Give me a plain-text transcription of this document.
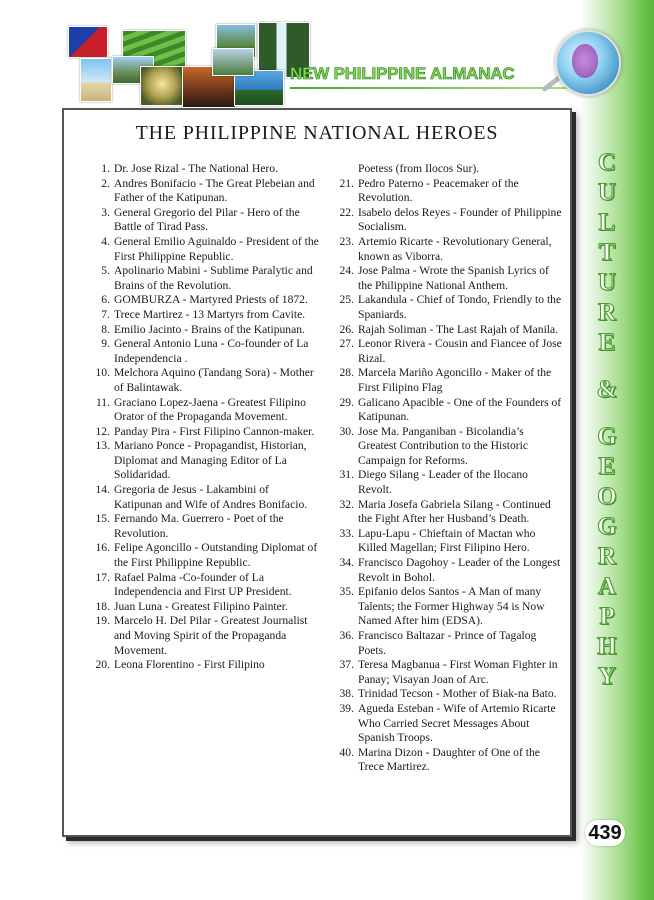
C
U
L
T
U
R
E
&
G
E
O
G
R
A
P
H
Y
NEW PHILIPPINE ALMANAC
THE PHILIPPINE NATIONAL HEROES
1. Dr. Jose Rizal - The National Hero.
2. Andres Bonifacio - The Great Plebeian and Father of the Katipunan.
3. General Gregorio del Pilar - Hero of the Battle of Tirad Pass.
4. General Emilio Aguinaldo - President of the First Philippine Republic.
5. Apolinario Mabini - Sublime Paralytic and Brains of the Revolution.
6. GOMBURZA - Martyred Priests of 1872.
7. Trece Martirez - 13 Martyrs from Cavite.
8. Emilio Jacinto - Brains of the Katipunan.
9. General Antonio Luna - Co-founder of La Independencia .
10. Melchora Aquino (Tandang Sora) - Mother of Balintawak.
11. Graciano Lopez-Jaena - Greatest Filipino Orator of the Propaganda Movement.
12. Panday Pira - First Filipino Cannon-maker.
13. Mariano Ponce - Propagandist, Historian, Diplomat and Managing Editor of La Solidaridad.
14. Gregoria de Jesus - Lakambini of Katipunan and Wife of Andres Bonifacio.
15. Fernando Ma. Guerrero - Poet of the Revolution.
16. Felipe Agoncillo - Outstanding Diplomat of the First Philippine Republic.
17. Rafael Palma -Co-founder of La Independencia and First UP President.
18. Juan Luna - Greatest Filipino Painter.
19. Marcelo H. Del Pilar - Greatest Journalist and Moving Spirit of the Propaganda Movement.
20. Leona Florentino - First Filipino
Poetess (from Ilocos Sur).
21. Pedro Paterno - Peacemaker of the Revolution.
22. Isabelo delos Reyes - Founder of Philippine Socialism.
23. Artemio Ricarte - Revolutionary General, known as Viborra.
24. Jose Palma - Wrote the Spanish Lyrics of the Philippine National Anthem.
25. Lakandula - Chief of Tondo, Friendly to the Spaniards.
26. Rajah Soliman - The Last Rajah of Manila.
27. Leonor Rivera - Cousin and Fiancee of Jose Rizal.
28. Marcela Mariño Agoncillo - Maker of the First Filipino Flag
29. Galicano Apacible - One of the Founders of Katipunan.
30. Jose Ma. Panganiban - Bicolandia’s Greatest Contribution to the Historic Campaign for Reforms.
31. Diego Silang - Leader of the Ilocano Revolt.
32. Maria Josefa Gabriela Silang - Continued the Fight After her Husband’s Death.
33. Lapu-Lapu - Chieftain of Mactan who Killed Magellan; First Filipino Hero.
34. Francisco Dagohoy - Leader of the Longest Revolt in Bohol.
35. Epifanio delos Santos - A Man of many Talents; the Former Highway 54 is Now Named After him (EDSA).
36. Francisco Baltazar - Prince of Tagalog Poets.
37. Teresa Magbanua - First Woman Fighter in Panay; Visayan Joan of Arc.
38. Trinidad Tecson - Mother of Biak-na Bato.
39. Agueda Esteban - Wife of Artemio Ricarte Who Carried Secret Messages About Spanish Troops.
40. Marina Dizon - Daughter of One of the Trece Martirez.
439
